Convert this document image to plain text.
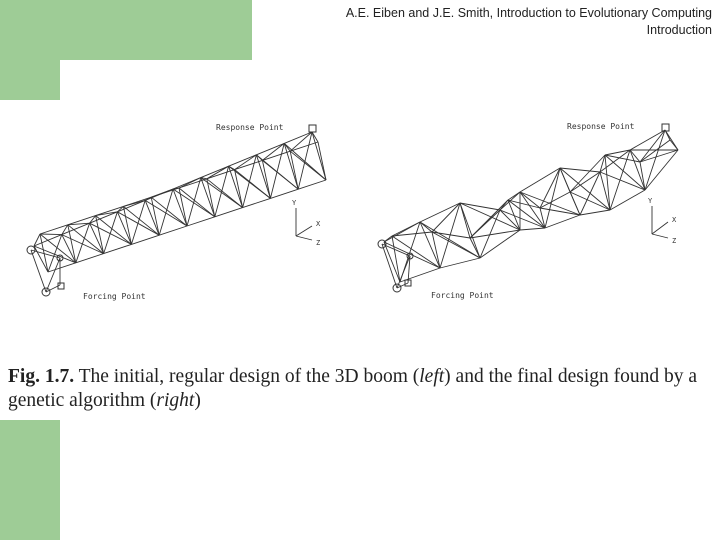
A.E. Eiben and J.E. Smith, Introduction to Evolutionary Computing
Introduction
Response Point
Forcing Point
Y
X
Z
Response Point
Forcing Point
Y
X
Z
Fig. 1.7. The initial, regular design of the 3D boom (left) and the final design found by a genetic algorithm (right)
